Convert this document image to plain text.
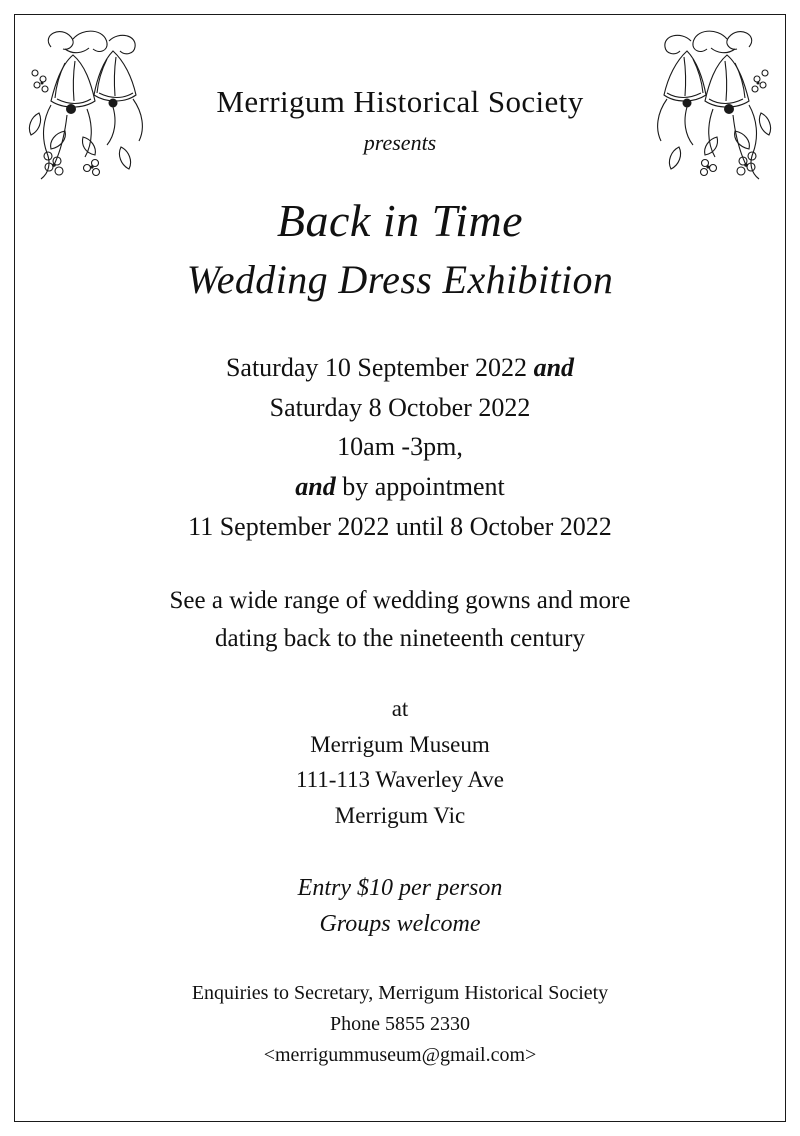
Merrigum Historical Society
presents
Back in Time
Wedding Dress Exhibition
Saturday 10 September 2022 and
Saturday 8 October 2022
10am -3pm,
and by appointment
11 September 2022 until 8 October 2022
See a wide range of wedding gowns and more
dating back to the nineteenth century
at
Merrigum Museum
111-113 Waverley Ave
Merrigum Vic
Entry $10 per person
Groups welcome
Enquiries to Secretary, Merrigum Historical Society
Phone 5855 2330
<merrigummuseum@gmail.com>
